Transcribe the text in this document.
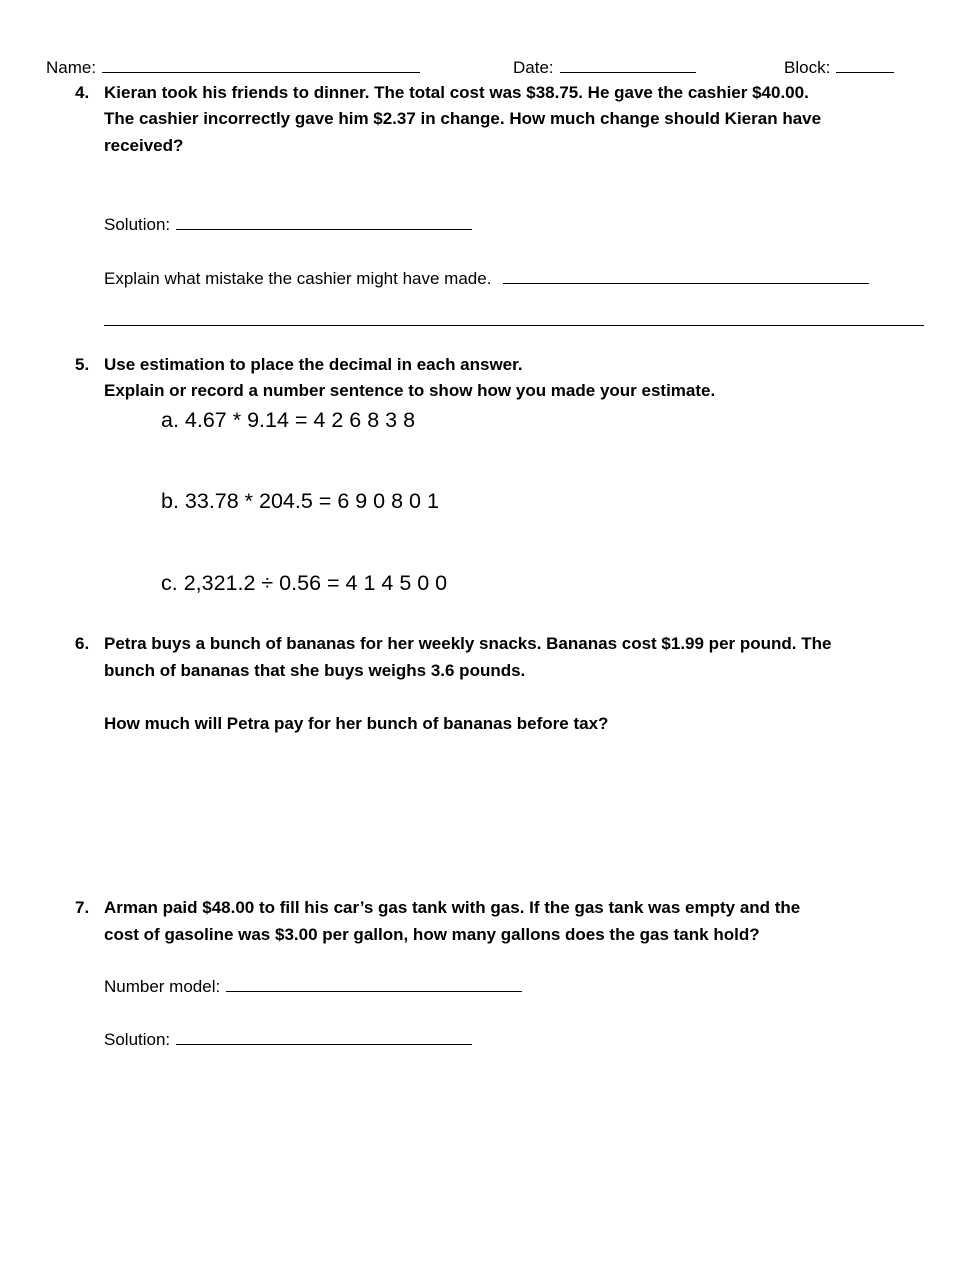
Name:	Date:	Block:
4. Kieran took his friends to dinner. The total cost was $38.75. He gave the cashier $40.00.
The cashier incorrectly gave him $2.37 in change. How much change should Kieran have
received?
Solution:
Explain what mistake the cashier might have made.
5. Use estimation to place the decimal in each answer.
Explain or record a number sentence to show how you made your estimate.
a. 4.67 * 9.14 = 4 2 6 8 3 8
b. 33.78 * 204.5 = 6 9 0 8 0 1
c. 2,321.2 ÷ 0.56 = 4 1 4 5 0 0
6. Petra buys a bunch of bananas for her weekly snacks. Bananas cost $1.99 per pound. The
bunch of bananas that she buys weighs 3.6 pounds.
How much will Petra pay for her bunch of bananas before tax?
7. Arman paid $48.00 to fill his car’s gas tank with gas. If the gas tank was empty and the
cost of gasoline was $3.00 per gallon, how many gallons does the gas tank hold?
Number model:
Solution:
